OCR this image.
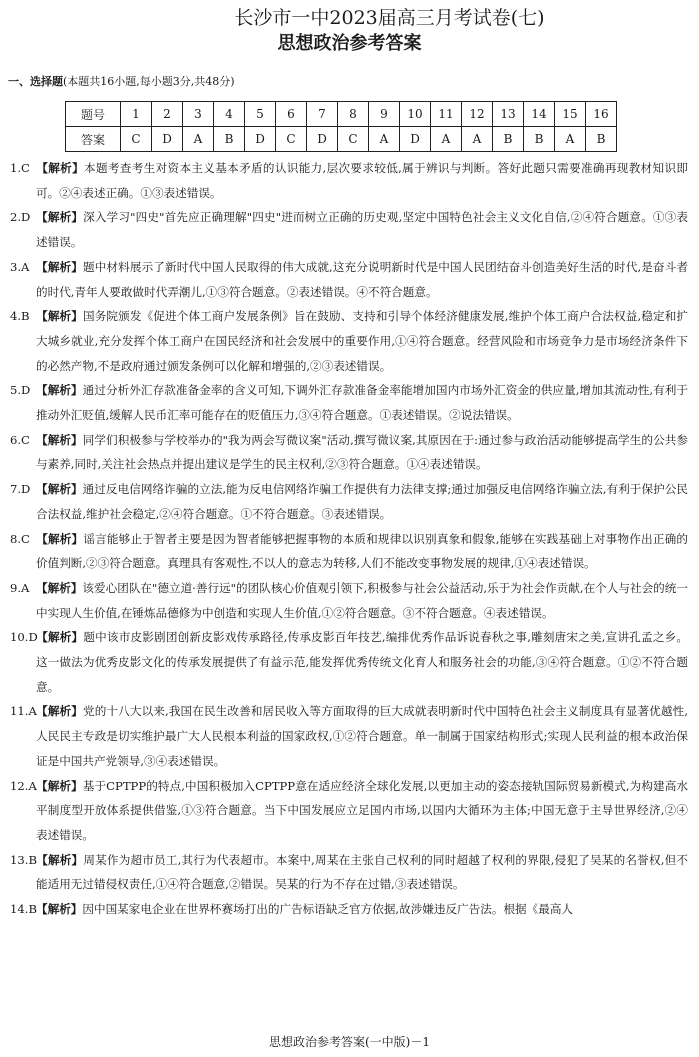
长沙市一中2023届高三月考试卷(七)
思想政治参考答案
一、选择题(本题共16小题,每小题3分,共48分)
题号	1	2	3	4	5	6	7	8	9	10	11	12	13	14	15	16
答案	C	D	A	B	D	C	D	C	A	D	A	A	B	B	A	B
1.C 【解析】本题考查考生对资本主义基本矛盾的认识能力,层次要求较低,属于辨识与判断。答好此题只需要准确再现教材知识即可。②④表述正确。①③表述错误。
2.D 【解析】深入学习"四史"首先应正确理解"四史"进而树立正确的历史观,坚定中国特色社会主义文化自信,②④符合题意。①③表述错误。
3.A 【解析】题中材料展示了新时代中国人民取得的伟大成就,这充分说明新时代是中国人民团结奋斗创造美好生活的时代,是奋斗者的时代,青年人要敢做时代弄潮儿,①③符合题意。②表述错误。④不符合题意。
4.B 【解析】国务院颁发《促进个体工商户发展条例》旨在鼓励、支持和引导个体经济健康发展,维护个体工商户合法权益,稳定和扩大城乡就业,充分发挥个体工商户在国民经济和社会发展中的重要作用,①④符合题意。经营风险和市场竞争力是市场经济条件下的必然产物,不是政府通过颁发条例可以化解和增强的,②③表述错误。
5.D 【解析】通过分析外汇存款准备金率的含义可知,下调外汇存款准备金率能增加国内市场外汇资金的供应量,增加其流动性,有利于推动外汇贬值,缓解人民币汇率可能存在的贬值压力,③④符合题意。①表述错误。②说法错误。
6.C 【解析】同学们积极参与学校举办的"我为两会写微议案"活动,撰写微议案,其原因在于:通过参与政治活动能够提高学生的公共参与素养,同时,关注社会热点并提出建议是学生的民主权利,②③符合题意。①④表述错误。
7.D 【解析】通过反电信网络诈骗的立法,能为反电信网络诈骗工作提供有力法律支撑;通过加强反电信网络诈骗立法,有利于保护公民合法权益,维护社会稳定,②④符合题意。①不符合题意。③表述错误。
8.C 【解析】谣言能够止于智者主要是因为智者能够把握事物的本质和规律以识别真象和假象,能够在实践基础上对事物作出正确的价值判断,②③符合题意。真理具有客观性,不以人的意志为转移,人们不能改变事物发展的规律,①④表述错误。
9.A 【解析】该爱心团队在"德立道·善行远"的团队核心价值观引领下,积极参与社会公益活动,乐于为社会作贡献,在个人与社会的统一中实现人生价值,在锤炼品德修为中创造和实现人生价值,①②符合题意。③不符合题意。④表述错误。
10.D【解析】题中该市皮影剧团创新皮影戏传承路径,传承皮影百年技艺,编排优秀作品诉说春秋之事,雕刻唐宋之美,宣讲孔孟之乡。这一做法为优秀皮影文化的传承发展提供了有益示范,能发挥优秀传统文化育人和服务社会的功能,③④符合题意。①②不符合题意。
11.A【解析】党的十八大以来,我国在民生改善和居民收入等方面取得的巨大成就表明新时代中国特色社会主义制度具有显著优越性,人民民主专政是切实维护最广大人民根本利益的国家政权,①②符合题意。单一制属于国家结构形式;实现人民利益的根本政治保证是中国共产党领导,③④表述错误。
12.A【解析】基于CPTPP的特点,中国积极加入CPTPP意在适应经济全球化发展,以更加主动的姿态接轨国际贸易新模式,为构建高水平制度型开放体系提供借鉴,①③符合题意。当下中国发展应立足国内市场,以国内大循环为主体;中国无意于主导世界经济,②④表述错误。
13.B【解析】周某作为超市员工,其行为代表超市。本案中,周某在主张自己权利的同时超越了权利的界限,侵犯了吴某的名誉权,但不能适用无过错侵权责任,①④符合题意,②错误。吴某的行为不存在过错,③表述错误。
14.B【解析】因中国某家电企业在世界杯赛场打出的广告标语缺乏官方依据,故涉嫌违反广告法。根据《最高人
思想政治参考答案(一中版)－1
